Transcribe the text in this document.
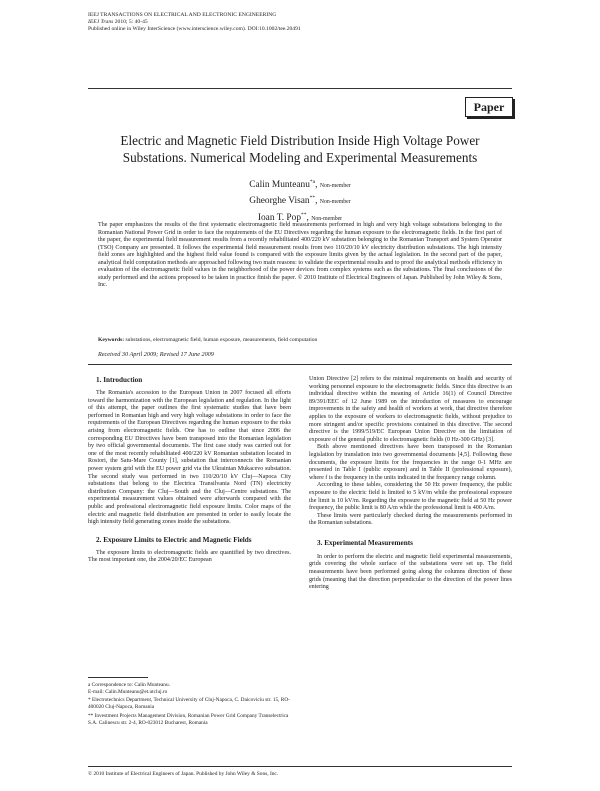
IEEJ TRANSACTIONS ON ELECTRICAL AND ELECTRONIC ENGINEERING
IEEJ Trans 2010; 5: 40-45
Published online in Wiley InterScience (www.interscience.wiley.com). DOI:10.1002/tee.20491
Paper
Electric and Magnetic Field Distribution Inside High Voltage Power
Substations. Numerical Modeling and Experimental Measurements
Calin Munteanu$^{*a}$, Non-member
Gheorghe Visan**, Non-member
Ioan T. Pop**, Non-member
The paper emphasizes the results of the first systematic electromagnetic field measurements performed in high and very high voltage substations belonging to the Romanian National Power Grid in order to face the requirements of the EU Directives regarding the human exposure to the electromagnetic fields. In the first part of the paper, the experimental field measurement results from a recently rehabilitated 400/220 kV substation belonging to the Romanian Transport and System Operator (TSO) Company are presented. It follows the experimental field measurement results from two 110/20/10 kV electricity distribution substations. The high intensity field zones are highlighted and the highest field value found is compared with the exposure limits given by the actual legislation. In the second part of the paper, analytical field computation methods are approached following two main reasons: to validate the experimental results and to proof the analytical methods efficiency in evaluation of the electromagnetic field values in the neighborhood of the power devices from complex systems such as the substations. The final conclusions of the study performed and the actions proposed to be taken in practice finish the paper. © 2010 Institute of Electrical Engineers of Japan. Published by John Wiley & Sons, Inc.
Keywords: substations, electromagnetic field, human exposure, measurements, field computation
Received 30 April 2009; Revised 17 June 2009
1. Introduction

The Romania's accession to the European Union in 2007 focused all efforts toward the harmonization with the European legislation and regulation. In the light of this attempt, the paper outlines the first systematic studies that have been performed in Romanian high and very high voltage substations in order to face the requirements of the European Directives regarding the human exposure to the risks arising from electromagnetic fields. One has to outline that since 2006 the corresponding EU Directives have been transposed into the Romanian legislation by two official governmental documents. The first case study was carried out for one of the most recently rehabilitated 400/220 kV Romanian substation located in Rosiori, the Satu-Mare County [1], substation that interconnects the Romanian power system grid with the EU power grid via the Ukrainian Mukacevo substation. The second study was performed in two 110/20/10 kV Cluj—Napoca City substations that belong to the Electrica Transilvania Nord (TN) electricity distribution Company: the Cluj—South and the Cluj—Centre substations. The experimental measurement values obtained were afterwards compared with the public and professional electromagnetic field exposure limits. Color maps of the electric and magnetic field distribution are presented in order to easily locate the high intensity field generating zones inside the substations.

2. Exposure Limits to Electric and Magnetic Fields

The exposure limits to electromagnetic fields are quantified by two directives. The most important one, the 2004/20/EC European

a Correspondence to: Calin Munteanu.
E-mail: Calin.Munteanu@et.utcluj.ro
* Electrotechnics Department, Technical University of Cluj-Napoca, C. Daicoviciu str. 15, RO-400020 Cluj-Napoca, Romania
** Investment Projects Management Division, Romanian Power Grid Company Transelectrica S.A. Calinescu str. 2-4, RO-023012 Bucharest, Romania

Union Directive [2] refers to the minimal requirements on health and security of working personnel exposure to the electromagnetic fields. Since this directive is an individual directive within the meaning of Article 16(1) of Council Directive 89/391/EEC of 12 June 1989 on the introduction of measures to encourage improvements in the safety and health of workers at work, that directive therefore applies to the exposure of workers to electromagnetic fields, without prejudice to more stringent and/or specific provisions contained in this directive. The second directive is the 1999/519/EC European Union Directive on the limitation of exposure of the general public to electromagnetic fields (0 Hz-300 GHz) [3].

Both above mentioned directives have been transposed in the Romanian legislation by translation into two governmental documents [4,5]. Following these documents, the exposure limits for the frequencies in the range 0-1 MHz are presented in Table I (public exposure) and in Table II (professional exposure), where f is the frequency in the units indicated in the frequency range column.

According to these tables, considering the 50 Hz power frequency, the public exposure to the electric field is limited to 5 kV/m while the professional exposure the limit is 10 kV/m. Regarding the exposure to the magnetic field at 50 Hz power frequency, the public limit is 80 A/m while the professional limit is 400 A/m.

These limits were particularly checked during the measurements performed in the Romanian substations.

3. Experimental Measurements

In order to perform the electric and magnetic field experimental measurements, grids covering the whole surface of the substations were set up. The field measurements have been performed going along the columns direction of these grids (meaning that the direction perpendicular to the direction of the power lines entering

© 2010 Institute of Electrical Engineers of Japan. Published by John Wiley & Sons, Inc.
